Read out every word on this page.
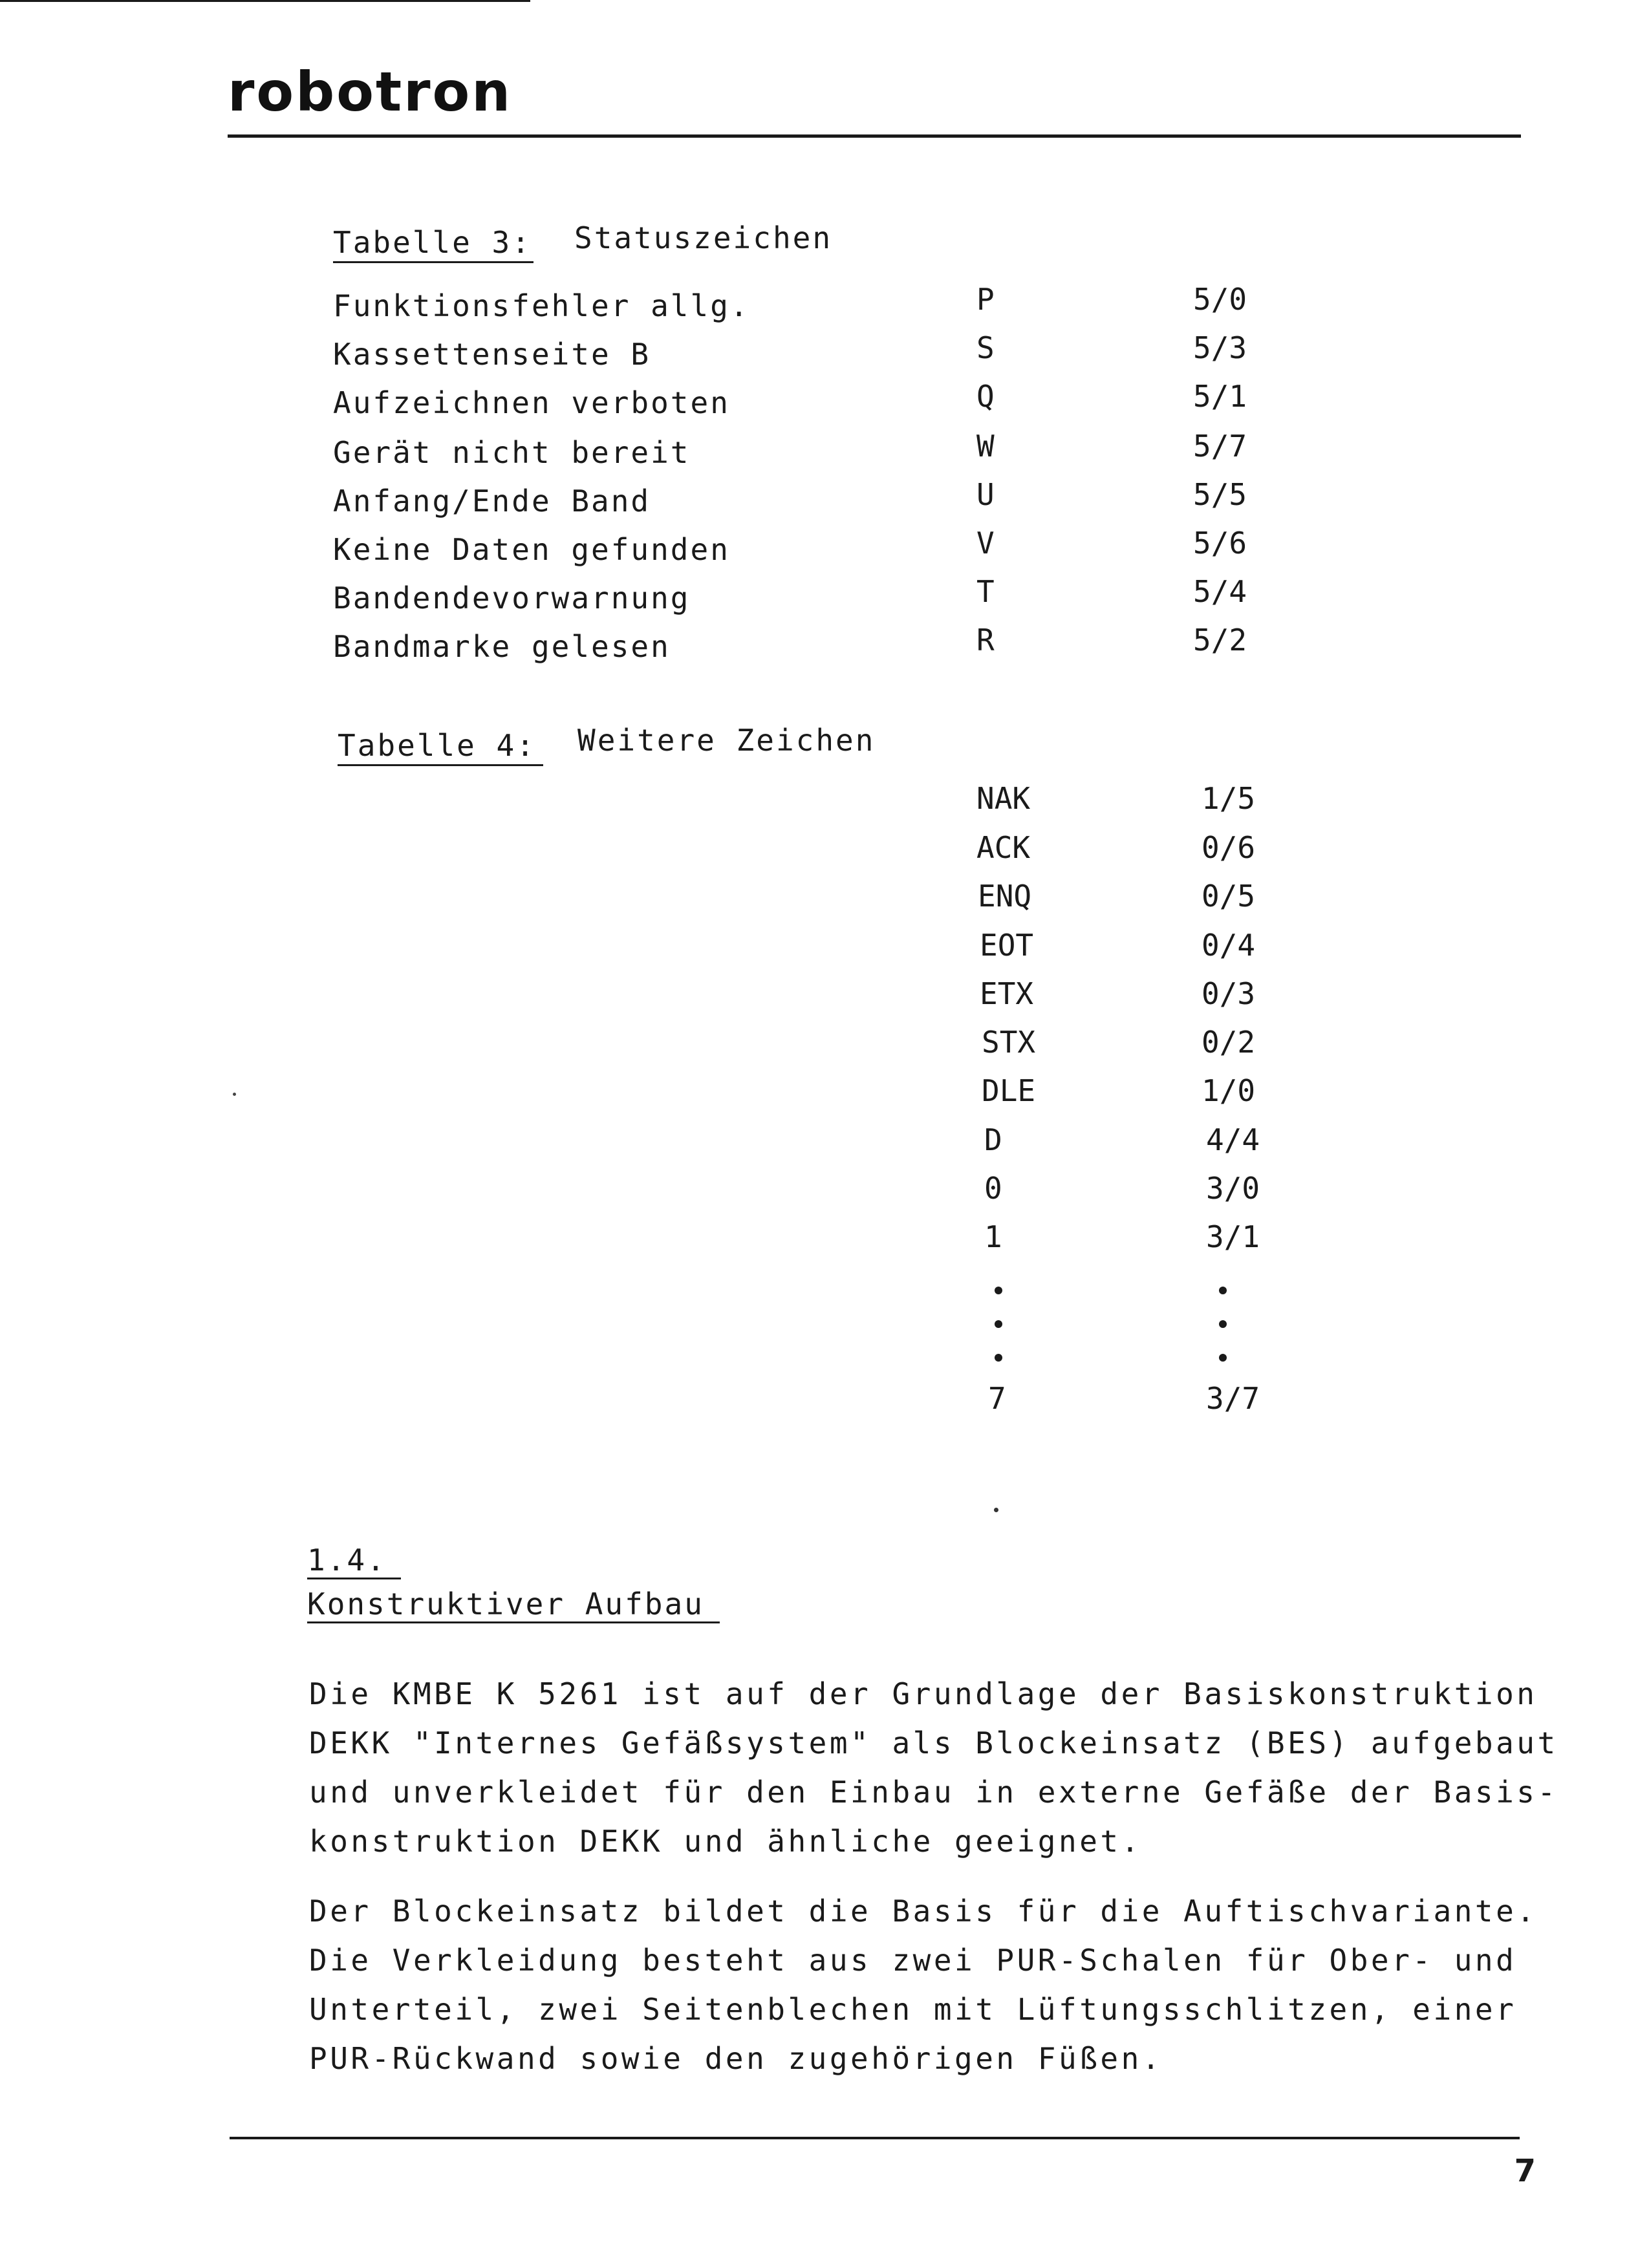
robotron
Tabelle 3: Statuszeichen
Funktionsfehler allg.	P	5/0
Kassettenseite B	S	5/3
Aufzeichnen verboten	Q	5/1
Gerät nicht bereit	W	5/7
Anfang/Ende Band	U	5/5
Keine Daten gefunden	V	5/6
Bandendevorwarnung	T	5/4
Bandmarke gelesen	R	5/2
Tabelle 4: Weitere Zeichen
NAK	1/5
ACK	0/6
ENQ	0/5
EOT	0/4
ETX	0/3
STX	0/2
DLE	1/0
D	4/4
0	3/0
1	3/1
7	3/7
1.4.
Konstruktiver Aufbau
Die KMBE K 5261 ist auf der Grundlage der Basiskonstruktion
DEKK "Internes Gefäßsystem" als Blockeinsatz (BES) aufgebaut
und unverkleidet für den Einbau in externe Gefäße der Basis-
konstruktion DEKK und ähnliche geeignet.
Der Blockeinsatz bildet die Basis für die Auftischvariante.
Die Verkleidung besteht aus zwei PUR-Schalen für Ober- und
Unterteil, zwei Seitenblechen mit Lüftungsschlitzen, einer
PUR-Rückwand sowie den zugehörigen Füßen.
7
